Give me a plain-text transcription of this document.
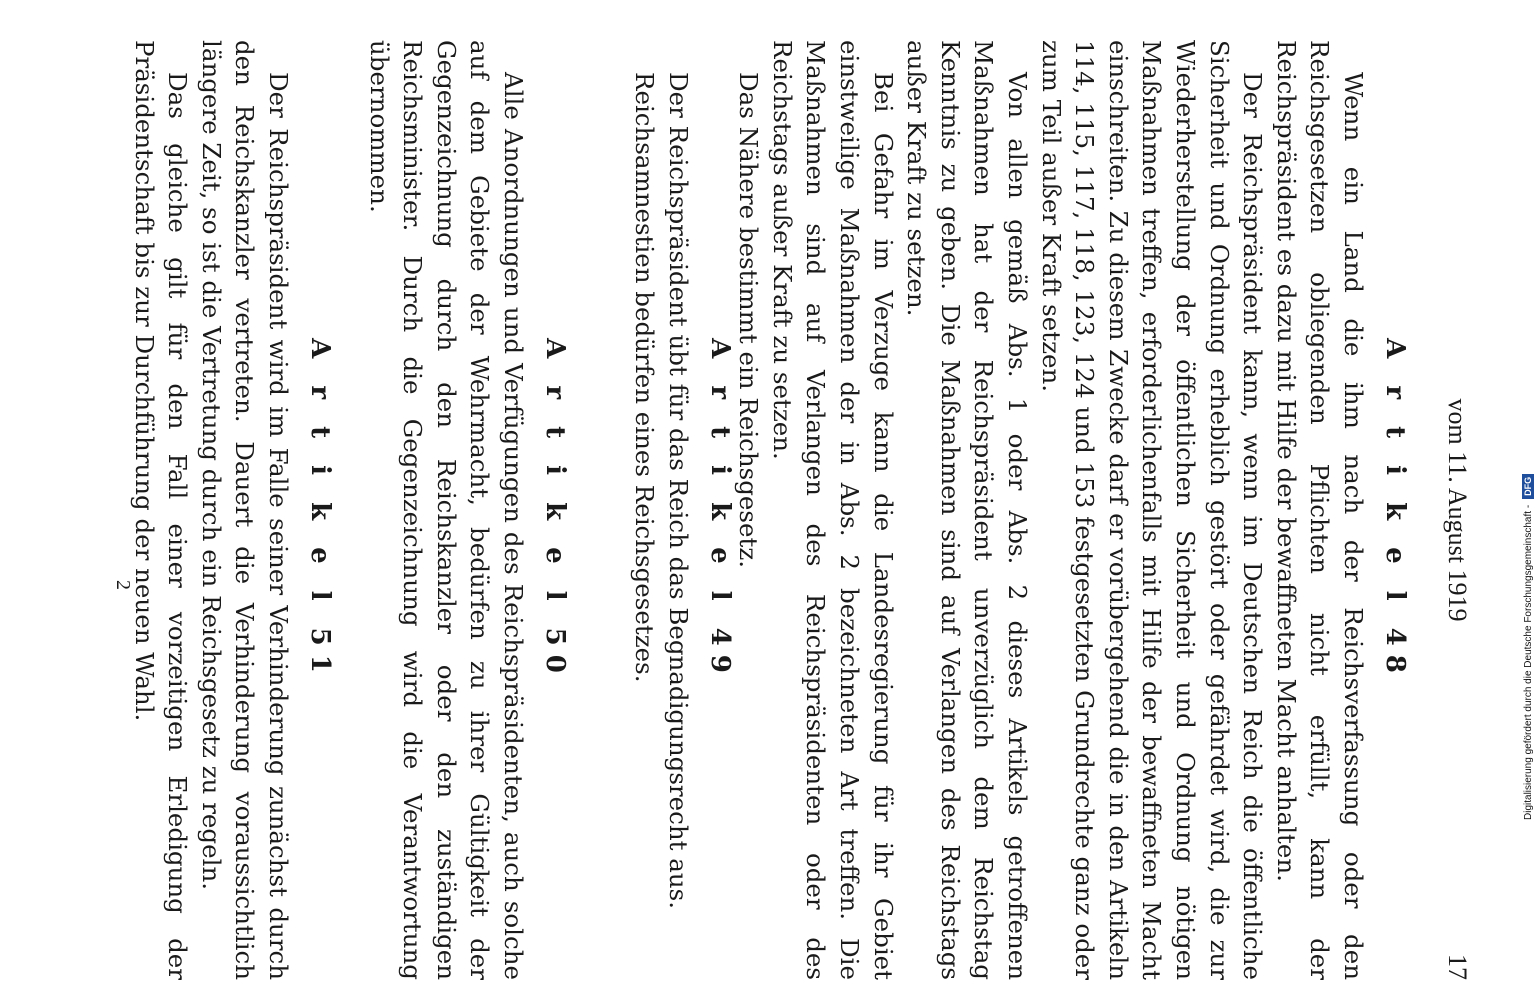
vom 11. August 1919
17
A r t i k e l 48

Wenn ein Land die ihm nach der Reichsverfassung oder den Reichsgesetzen obliegenden Pflichten nicht erfüllt, kann der Reichspräsident es dazu mit Hilfe der bewaffneten Macht anhalten.

Der Reichspräsident kann, wenn im Deutschen Reich die öffentliche Sicherheit und Ordnung erheblich gestört oder gefährdet wird, die zur Wiederherstellung der öffentlichen Sicherheit und Ordnung nötigen Maßnahmen treffen, erforderlichenfalls mit Hilfe der bewaffneten Macht einschreiten. Zu diesem Zwecke darf er vorübergehend die in den Artikeln 114, 115, 117, 118, 123, 124 und 153 festgesetzten Grundrechte ganz oder zum Teil außer Kraft setzen.

Von allen gemäß Abs. 1 oder Abs. 2 dieses Artikels getroffenen Maßnahmen hat der Reichspräsident unverzüglich dem Reichstag Kenntnis zu geben. Die Maßnahmen sind auf Verlangen des Reichstags außer Kraft zu setzen.

Bei Gefahr im Verzuge kann die Landesregierung für ihr Gebiet einstweilige Maßnahmen der in Abs. 2 bezeichneten Art treffen. Die Maßnahmen sind auf Verlangen des Reichspräsidenten oder des Reichstags außer Kraft zu setzen.

Das Nähere bestimmt ein Reichsgesetz.

A r t i k e l 49

Der Reichspräsident übt für das Reich das Begnadigungsrecht aus.

Reichsamnestien bedürfen eines Reichsgesetzes.

A r t i k e l 50

Alle Anordnungen und Verfügungen des Reichspräsidenten, auch solche auf dem Gebiete der Wehrmacht, bedürfen zu ihrer Gültigkeit der Gegenzeichnung durch den Reichskanzler oder den zuständigen Reichsminister. Durch die Gegenzeichnung wird die Verantwortung übernommen.

A r t i k e l 51

Der Reichspräsident wird im Falle seiner Verhinderung zunächst durch den Reichskanzler vertreten. Dauert die Verhinderung voraussichtlich längere Zeit, so ist die Vertretung durch ein Reichsgesetz zu regeln.

Das gleiche gilt für den Fall einer vorzeitigen Erledigung der Präsidentschaft bis zur Durchführung der neuen Wahl.

2	Digitalisierung gefördert durch die Deutsche Forschungsgemeinschaft -DFG
